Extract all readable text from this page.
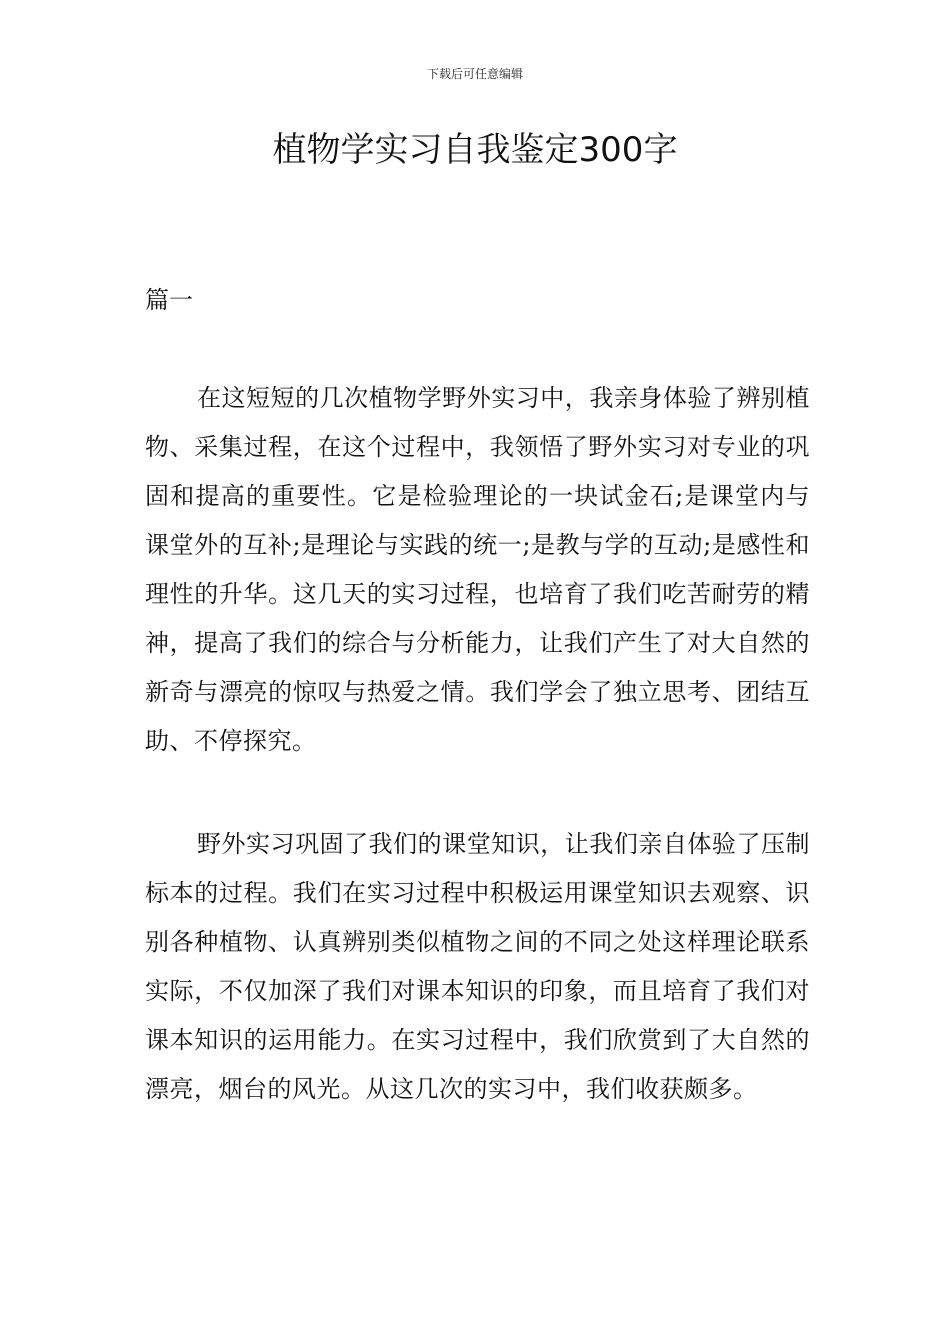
下载后可任意编辑
植物学实习自我鉴定300字
篇一

在这短短的几次植物学野外实习中，我亲身体验了辨别植物、采集过程，在这个过程中，我领悟了野外实习对专业的巩固和提高的重要性。它是检验理论的一块试金石;是课堂内与课堂外的互补;是理论与实践的统一;是教与学的互动;是感性和理性的升华。这几天的实习过程，也培育了我们吃苦耐劳的精神，提高了我们的综合与分析能力，让我们产生了对大自然的新奇与漂亮的惊叹与热爱之情。我们学会了独立思考、团结互助、不停探究。

野外实习巩固了我们的课堂知识，让我们亲自体验了压制标本的过程。我们在实习过程中积极运用课堂知识去观察、识别各种植物、认真辨别类似植物之间的不同之处这样理论联系实际，不仅加深了我们对课本知识的印象，而且培育了我们对课本知识的运用能力。在实习过程中，我们欣赏到了大自然的漂亮，烟台的风光。从这几次的实习中，我们收获颇多。
